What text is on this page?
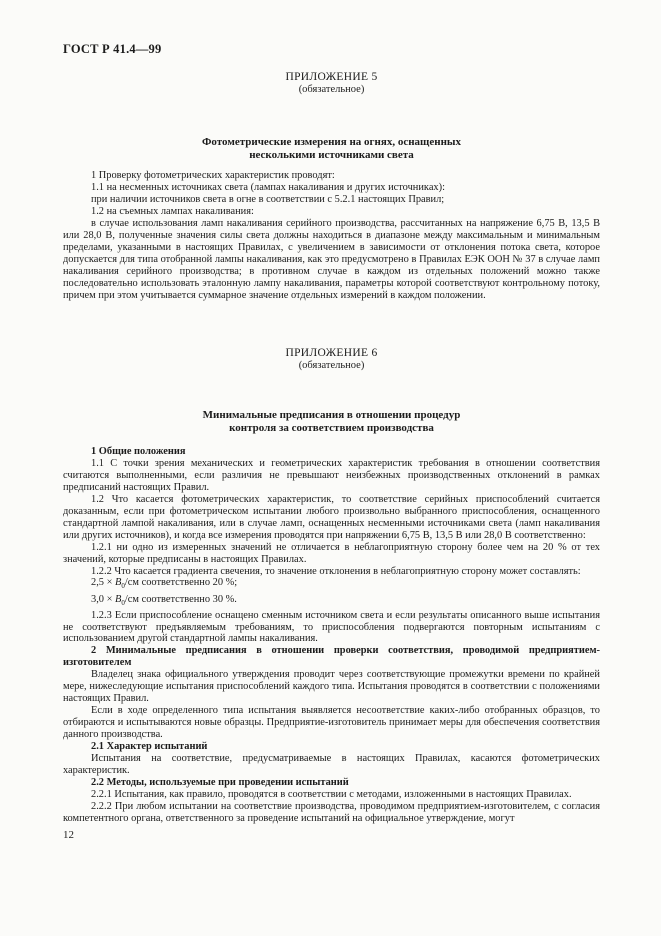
ГОСТ Р 41.4—99
ПРИЛОЖЕНИЕ 5
(обязательное)
Фотометрические измерения на огнях, оснащенных
несколькими источниками света

1 Проверку фотометрических характеристик проводят:

1.1 на несменных источниках света (лампах накаливания и других источниках):

при наличии источников света в огне в соответствии с 5.2.1 настоящих Правил;

1.2 на съемных лампах накаливания:

в случае использования ламп накаливания серийного производства, рассчитанных на напряжение 6,75 В, 13,5 В или 28,0 В, полученные значения силы света должны находиться в диапазоне между максимальным и минимальным пределами, указанными в настоящих Правилах, с увеличением в зависимости от отклонения потока света, которое допускается для типа отобранной лампы накаливания, как это предусмотрено в Правилах ЕЭК ООН № 37 в случае ламп накаливания серийного производства; в противном случае в каждом из отдельных положений можно также последовательно использовать эталонную лампу накаливания, параметры которой соответствуют контрольному потоку, причем при этом учитывается суммарное значение отдельных измерений в каждом положении.

ПРИЛОЖЕНИЕ 6
(обязательное)
Минимальные предписания в отношении процедур
контроля за соответствием производства

1 Общие положения

1.1 С точки зрения механических и геометрических характеристик требования в отношении соответствия считаются выполненными, если различия не превышают неизбежных производственных отклонений в рамках предписаний настоящих Правил.

1.2 Что касается фотометрических характеристик, то соответствие серийных приспособлений считается доказанным, если при фотометрическом испытании любого произвольно выбранного приспособления, оснащенного стандартной лампой накаливания, или в случае ламп, оснащенных несменными источниками света (ламп накаливания или других источников), и когда все измерения проводятся при напряжении 6,75 В, 13,5 В или 28,0 В соответственно:

1.2.1 ни одно из измеренных значений не отличается в неблагоприятную сторону более чем на 20 % от тех значений, которые предписаны в настоящих Правилах.

1.2.2 Что касается градиента свечения, то значение отклонения в неблагоприятную сторону может составлять:

$2,5 \times B_0/см$ соответственно 20 %;

$3,0 \times B_0/см$ соответственно 30 %.

1.2.3 Если приспособление оснащено сменным источником света и если результаты описанного выше испытания не соответствуют предъявляемым требованиям, то приспособления подвергаются повторным испытаниям с использованием другой стандартной лампы накаливания.

2 Минимальные предписания в отношении проверки соответствия, проводимой предприятием-изготовителем

Владелец знака официального утверждения проводит через соответствующие промежутки времени по крайней мере, нижеследующие испытания приспособлений каждого типа. Испытания проводятся в соответствии с положениями настоящих Правил.

Если в ходе определенного типа испытания выявляется несоответствие каких-либо отобранных образцов, то отбираются и испытываются новые образцы. Предприятие-изготовитель принимает меры для обеспечения соответствия данного производства.

2.1 Характер испытаний

Испытания на соответствие, предусматриваемые в настоящих Правилах, касаются фотометрических характеристик.

2.2 Методы, используемые при проведении испытаний

2.2.1 Испытания, как правило, проводятся в соответствии с методами, изложенными в настоящих Правилах.

2.2.2 При любом испытании на соответствие производства, проводимом предприятием-изготовителем, с согласия компетентного органа, ответственного за проведение испытаний на официальное утверждение, могут

12
